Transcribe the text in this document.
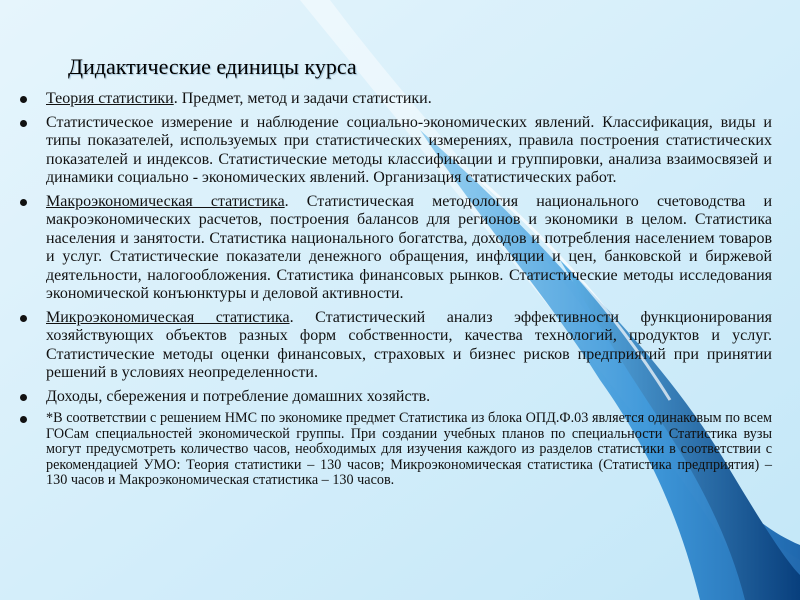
Дидактические единицы курса
Теория статистики. Предмет, метод и задачи статистики.
Статистическое измерение и наблюдение социально-экономических явлений. Классификация, виды и типы показателей, используемых при статистических измерениях, правила построения статистических показателей и индексов. Статистические методы классификации и группировки, анализа взаимосвязей и динамики социально - экономических явлений. Организация статистических работ.
Макроэкономическая статистика. Статистическая методология национального счетоводства и макроэкономических расчетов, построения балансов для регионов и экономики в целом. Статистика населения и занятости. Статистика национального богатства, доходов и потребления населением товаров и услуг. Статистические показатели денежного обращения, инфляции и цен, банковской и биржевой деятельности, налогообложения. Статистика финансовых рынков. Статистические методы исследования экономической конъюнктуры и деловой активности.
Микроэкономическая статистика. Статистический анализ эффективности функционирования хозяйствующих объектов разных форм собственности, качества технологий, продуктов и услуг. Статистические методы оценки финансовых, страховых и бизнес рисков предприятий при принятии решений в условиях неопределенности.
Доходы, сбережения и потребление домашних хозяйств.
*В соответствии с решением НМС по экономике предмет Статистика из блока ОПД.Ф.03 является одинаковым по всем ГОСам специальностей экономической группы. При создании учебных планов по специальности Статистика вузы могут предусмотреть количество часов, необходимых для изучения каждого из разделов статистики в соответствии с рекомендацией УМО: Теория статистики – 130 часов; Микроэкономическая статистика (Статистика предприятия) – 130 часов и Макроэкономическая статистика – 130 часов.
